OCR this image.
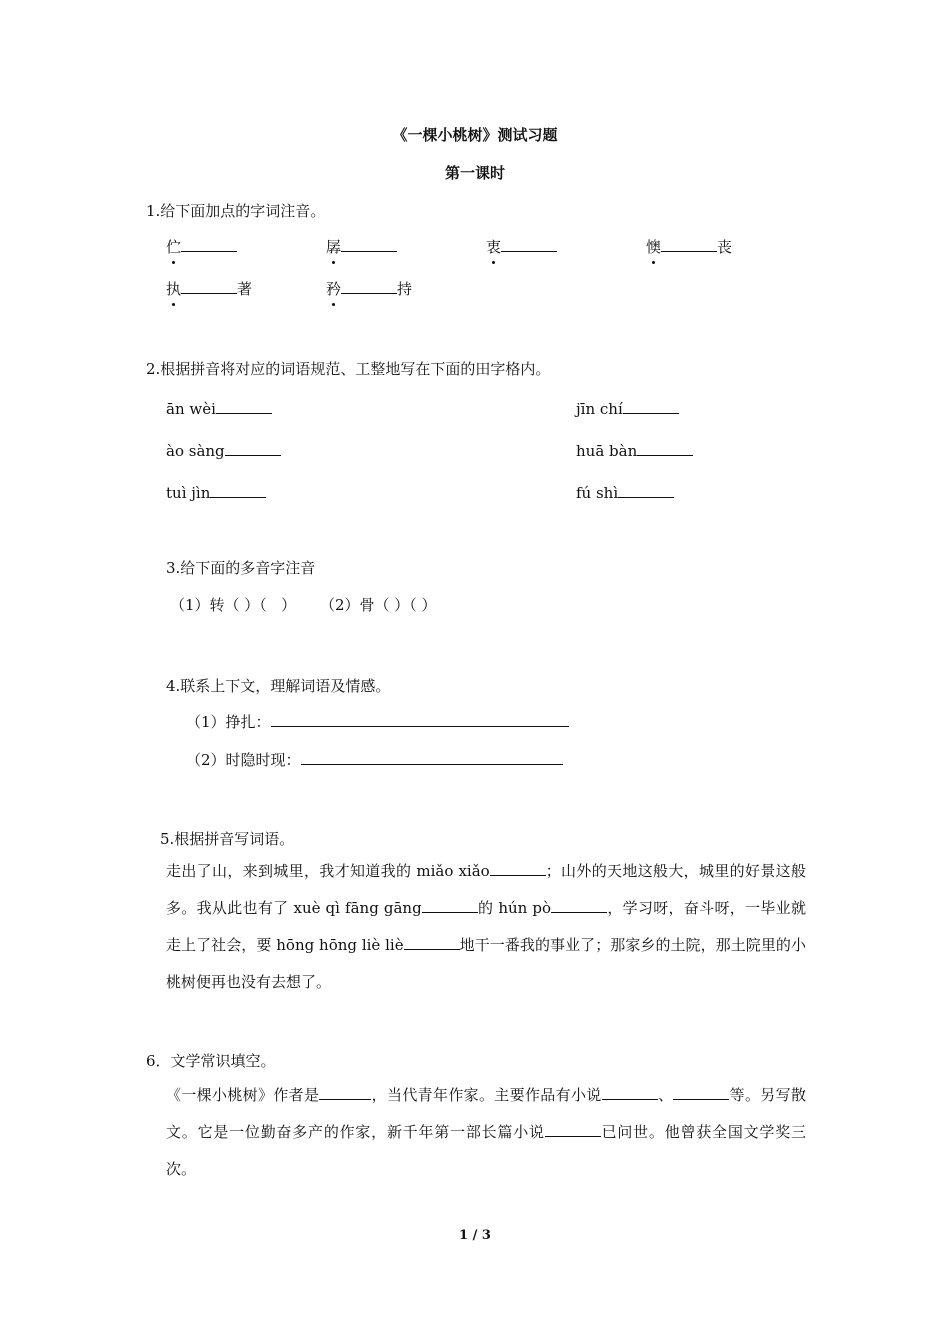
《一棵小桃树》测试习题
第一课时
1.给下面加点的字词注音。
伫	孱	衷	懊	丧
执	著	矜	持
2.根据拼音将对应的词语规范、工整地写在下面的田字格内。
ān wèi	jīn chí
ào sàng	huā bàn
tuì jìn	fú shì
3.给下面的多音字注音
（1）转（ ）（   ）     （2）骨（ ）（ ）
4.联系上下文，理解词语及情感。
（1）挣扎：
（2）时隐时现：
5.根据拼音写词语。
走出了山，来到城里，我才知道我的 miǎo xiǎo	；山外的天地这般大，城里的好景这般多。我从此也有了 xuè qì fāng gāng	的 hún pò	，学习呀，奋斗呀，一毕业就走上了社会，要 hōng hōng liè liè	地干一番我的事业了；那家乡的土院，那土院里的小桃树便再也没有去想了。
6．文学常识填空。
《一棵小桃树》作者是	，当代青年作家。主要作品有小说	、	等。另写散文。它是一位勤奋多产的作家，新千年第一部长篇小说	已问世。他曾获全国文学奖三次。
1 / 3
